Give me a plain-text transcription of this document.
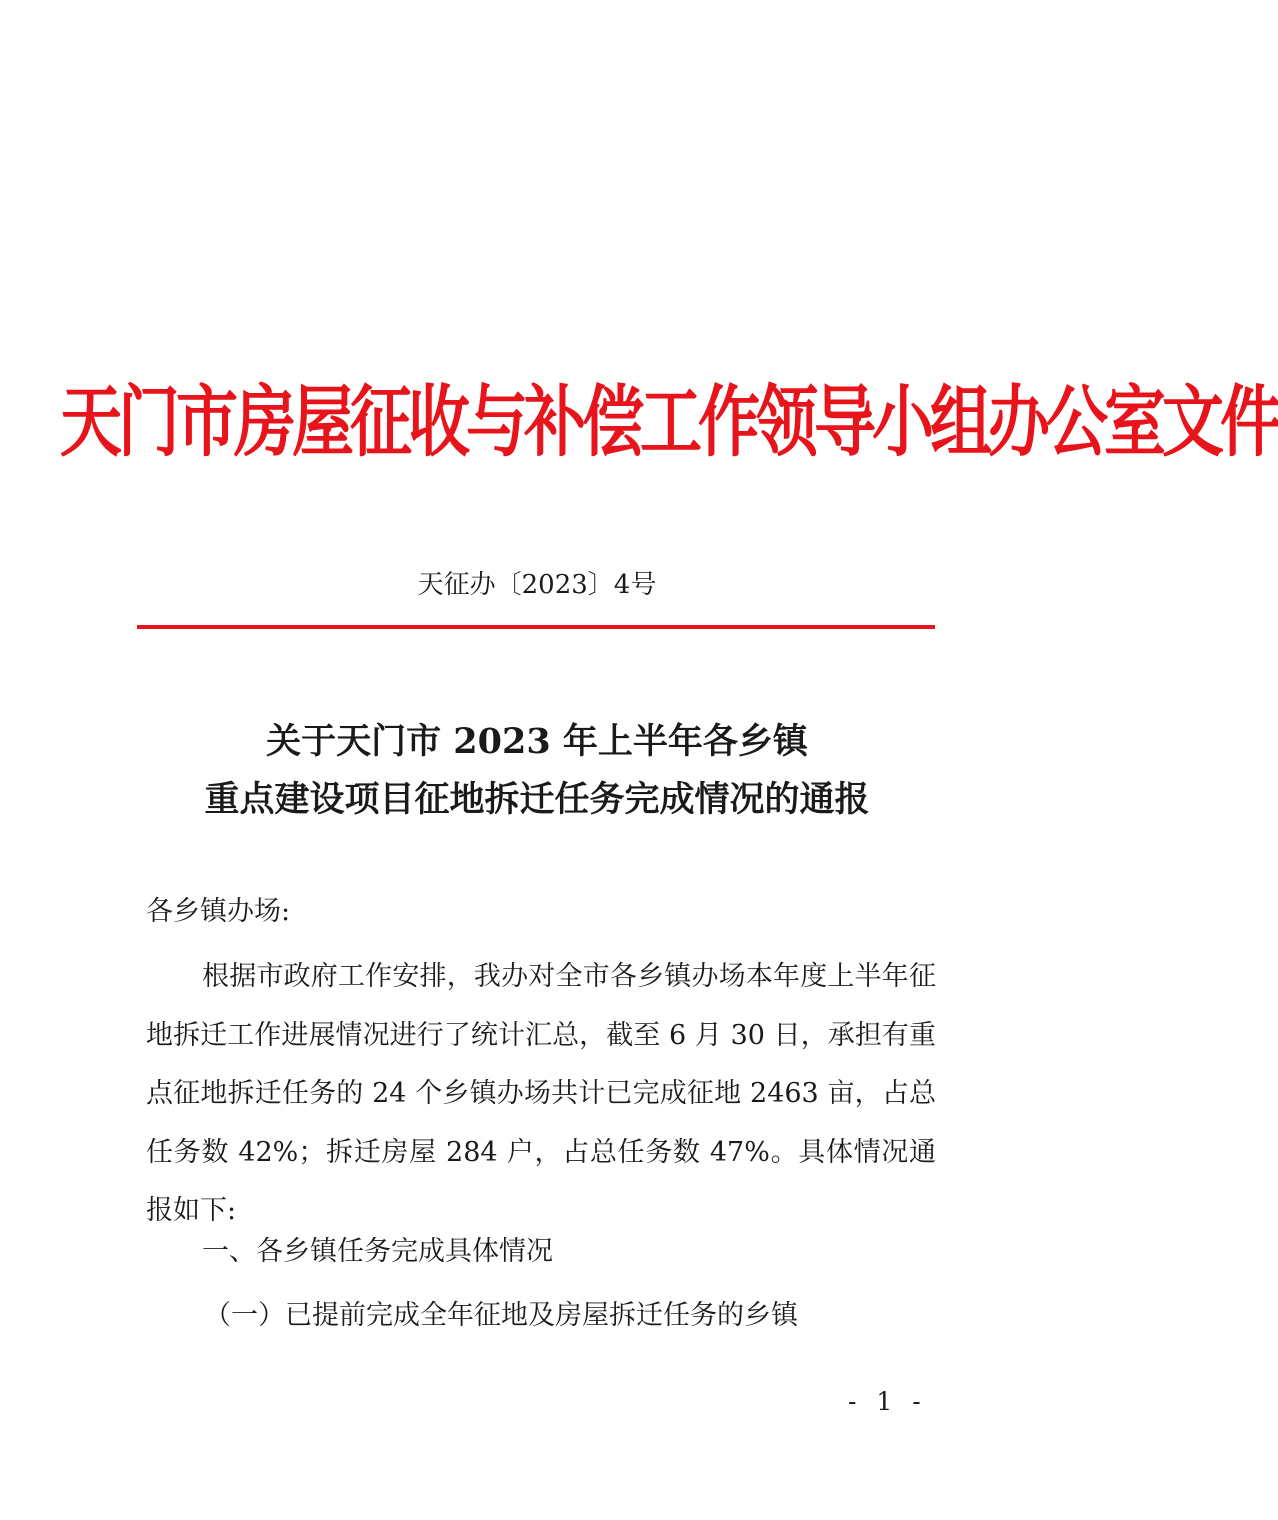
天门市房屋征收与补偿工作领导小组办公室文件
天征办〔2023〕4号
关于天门市 2023 年上半年各乡镇
重点建设项目征地拆迁任务完成情况的通报
各乡镇办场:

根据市政府工作安排，我办对全市各乡镇办场本年度上半年征地拆迁工作进展情况进行了统计汇总，截至 6 月 30 日，承担有重点征地拆迁任务的 24 个乡镇办场共计已完成征地 2463 亩，占总任务数 42%；拆迁房屋 284 户，占总任务数 47%。具体情况通报如下:

一、各乡镇任务完成具体情况
（一）已提前完成全年征地及房屋拆迁任务的乡镇
- 1 -
